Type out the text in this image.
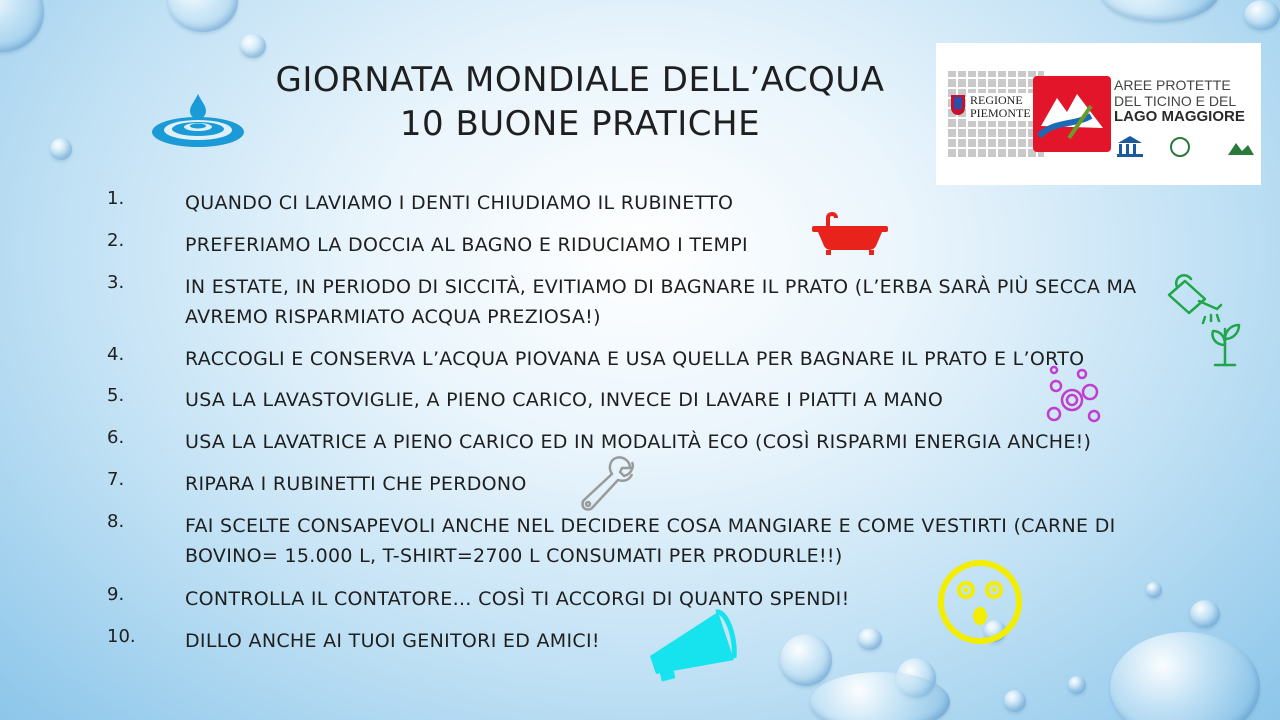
GIORNATA MONDIALE DELL’ACQUA
10 BUONE PRATICHE
REGIONE
PIEMONTE
AREE PROTETTE
DEL TICINO E DEL
LAGO MAGGIORE
1.	QUANDO CI LAVIAMO I DENTI CHIUDIAMO IL RUBINETTO
2.	PREFERIAMO LA DOCCIA AL BAGNO E RIDUCIAMO I TEMPI
3.	IN ESTATE, IN PERIODO DI SICCITÀ, EVITIAMO DI BAGNARE IL PRATO (L’ERBA SARÀ PIÙ SECCA MA AVREMO RISPARMIATO ACQUA PREZIOSA!)
4.	RACCOGLI E CONSERVA L’ACQUA PIOVANA E USA QUELLA PER BAGNARE IL PRATO E L’ORTO
5.	USA LA LAVASTOVIGLIE, A PIENO CARICO, INVECE DI LAVARE I PIATTI A MANO
6.	USA LA LAVATRICE A PIENO CARICO ED IN MODALITÀ ECO (COSÌ RISPARMI ENERGIA ANCHE!)
7.	RIPARA I RUBINETTI CHE PERDONO
8.	FAI SCELTE CONSAPEVOLI ANCHE NEL DECIDERE COSA MANGIARE E COME VESTIRTI (CARNE DI BOVINO= 15.000 L, T-SHIRT=2700 L CONSUMATI PER PRODURLE!!)
9.	CONTROLLA IL CONTATORE… COSÌ TI ACCORGI DI QUANTO SPENDI!
10.	DILLO ANCHE AI TUOI GENITORI ED AMICI!
